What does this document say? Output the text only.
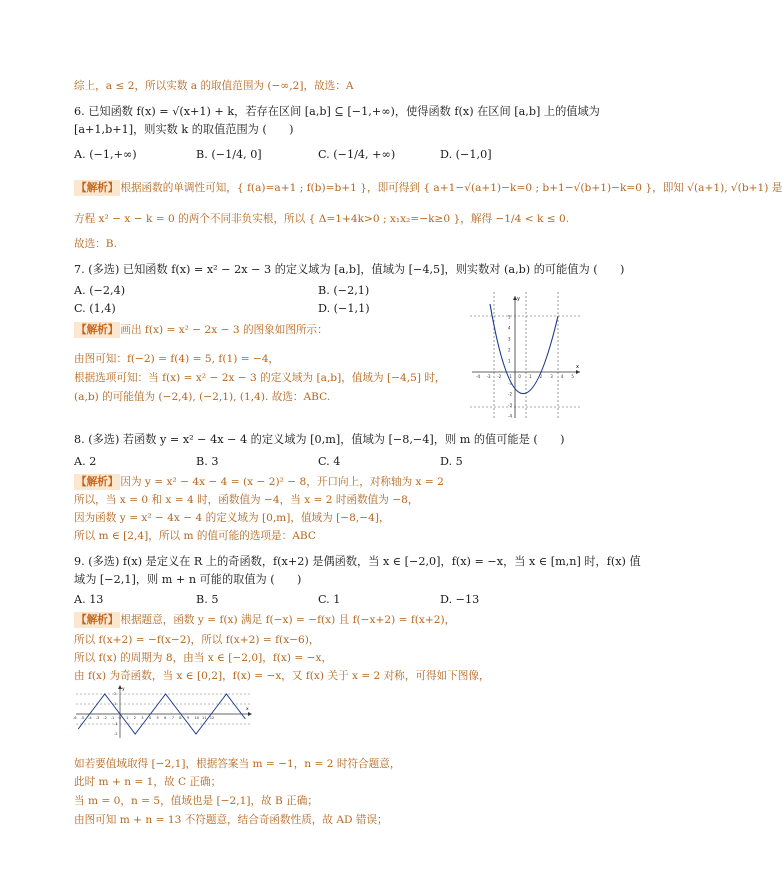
综上，a ≤ 2，所以实数 a 的取值范围为 (−∞,2]，故选：A
6. 已知函数 f(x) = √(x+1) + k，若存在区间 [a,b] ⊆ [−1,+∞)，使得函数 f(x) 在区间 [a,b] 上的值域为
[a+1,b+1]，则实数 k 的取值范围为 (　　)
A. (−1,+∞)	B. (−1/4, 0]	C. (−1/4, +∞)	D. (−1,0]
【解析】 根据函数的单调性可知，{ f(a)=a+1 ; f(b)=b+1 }，即可得到 { a+1−√(a+1)−k=0 ; b+1−√(b+1)−k=0 }，即知 √(a+1), √(b+1) 是
方程 x² − x − k = 0 的两个不同非负实根，所以 { Δ=1+4k>0 ; x₁x₂=−k≥0 }，解得 −1/4 < k ≤ 0.
故选：B.
7. (多选) 已知函数 f(x) = x² − 2x − 3 的定义域为 [a,b]，值域为 [−4,5]，则实数对 (a,b) 的可能值为 (　　)
A. (−2,4)	B. (−2,1)
C. (1,4)	D. (−1,1)
【解析】 画出 f(x) = x² − 2x − 3 的图象如图所示：
由图可知：f(−2) = f(4) = 5, f(1) = −4，
根据选项可知：当 f(x) = x² − 2x − 3 的定义域为 [a,b]，值域为 [−4,5] 时，
(a,b) 的可能值为 (−2,4), (−2,1), (1,4). 故选：ABC.
x
y
-4 -3 -2 -1 0 1 2 3 4 5
5
4
3
2
1
-1
-2
-3
-4
8. (多选) 若函数 y = x² − 4x − 4 的定义域为 [0,m]，值域为 [−8,−4]，则 m 的值可能是 (　　)
A. 2	B. 3	C. 4	D. 5
【解析】 因为 y = x² − 4x − 4 = (x − 2)² − 8，开口向上，对称轴为 x = 2
所以，当 x = 0 和 x = 4 时，函数值为 −4，当 x = 2 时函数值为 −8，
因为函数 y = x² − 4x − 4 的定义域为 [0,m]，值域为 [−8,−4]，
所以 m ∈ [2,4]，所以 m 的值可能的选项是：ABC
9. (多选) f(x) 是定义在 R 上的奇函数，f(x+2) 是偶函数，当 x ∈ [−2,0]，f(x) = −x，当 x ∈ [m,n] 时，f(x) 值
域为 [−2,1]，则 m + n 可能的取值为 (　　)
A. 13	B. 5	C. 1	D. −13
【解析】 根据题意，函数 y = f(x) 满足 f(−x) = −f(x) 且 f(−x+2) = f(x+2)，
所以 f(x+2) = −f(x−2)，所以 f(x+2) = f(x−6)，
所以 f(x) 的周期为 8，由当 x ∈ [−2,0]，f(x) = −x，
由 f(x) 为奇函数，当 x ∈ [0,2]，f(x) = −x，又 f(x) 关于 x = 2 对称，可得如下图像，
x
y
-6 -5 -4 -3 -2 -1 O 1 2 3 4 5 6 7 8 9 10 11 12
2
1
-1
-2
如若要值域取得 [−2,1]，根据答案当 m = −1，n = 2 时符合题意，
此时 m + n = 1，故 C 正确；
当 m = 0，n = 5，值域也是 [−2,1]，故 B 正确；
由图可知 m + n = 13 不符题意，结合奇函数性质，故 AD 错误；
